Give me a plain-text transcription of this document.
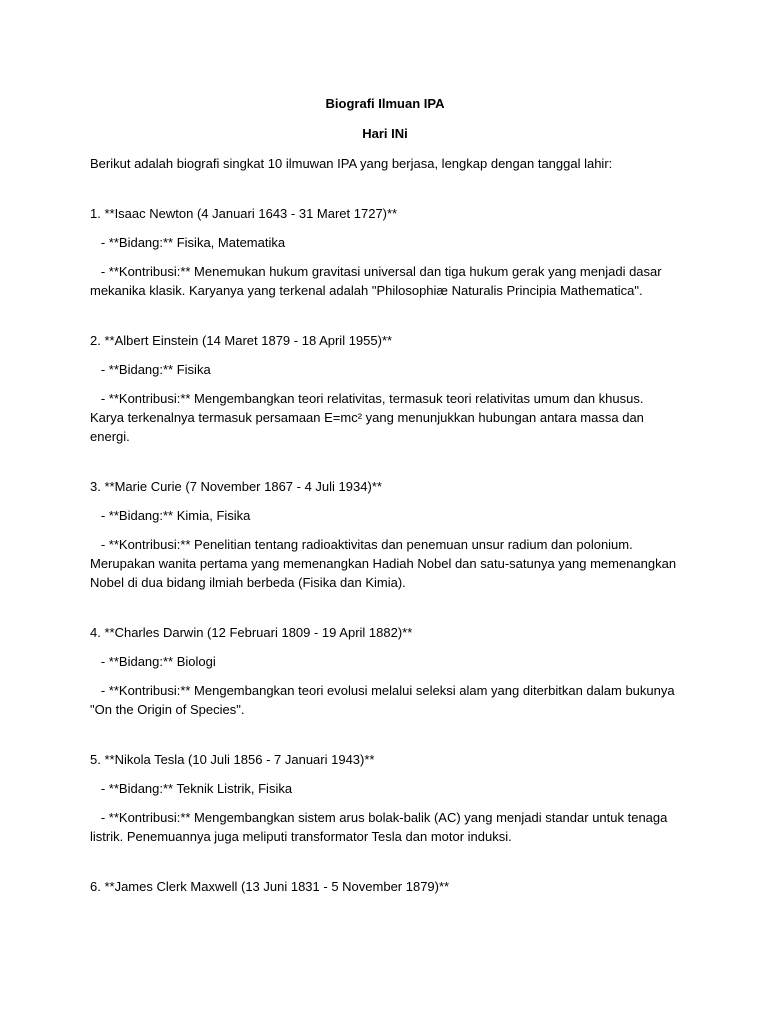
Biografi Ilmuan IPA

Hari INi

Berikut adalah biografi singkat 10 ilmuwan IPA yang berjasa, lengkap dengan tanggal lahir:

1. **Isaac Newton (4 Januari 1643 - 31 Maret 1727)**

- **Bidang:** Fisika, Matematika

- **Kontribusi:** Menemukan hukum gravitasi universal dan tiga hukum gerak yang menjadi dasar mekanika klasik. Karyanya yang terkenal adalah "Philosophiæ Naturalis Principia Mathematica".

2. **Albert Einstein (14 Maret 1879 - 18 April 1955)**

- **Bidang:** Fisika

- **Kontribusi:** Mengembangkan teori relativitas, termasuk teori relativitas umum dan khusus. Karya terkenalnya termasuk persamaan E=mc² yang menunjukkan hubungan antara massa dan energi.

3. **Marie Curie (7 November 1867 - 4 Juli 1934)**

- **Bidang:** Kimia, Fisika

- **Kontribusi:** Penelitian tentang radioaktivitas dan penemuan unsur radium dan polonium. Merupakan wanita pertama yang memenangkan Hadiah Nobel dan satu-satunya yang memenangkan Nobel di dua bidang ilmiah berbeda (Fisika dan Kimia).

4. **Charles Darwin (12 Februari 1809 - 19 April 1882)**

- **Bidang:** Biologi

- **Kontribusi:** Mengembangkan teori evolusi melalui seleksi alam yang diterbitkan dalam bukunya "On the Origin of Species".

5. **Nikola Tesla (10 Juli 1856 - 7 Januari 1943)**

- **Bidang:** Teknik Listrik, Fisika

- **Kontribusi:** Mengembangkan sistem arus bolak-balik (AC) yang menjadi standar untuk tenaga listrik. Penemuannya juga meliputi transformator Tesla dan motor induksi.

6. **James Clerk Maxwell (13 Juni 1831 - 5 November 1879)**
